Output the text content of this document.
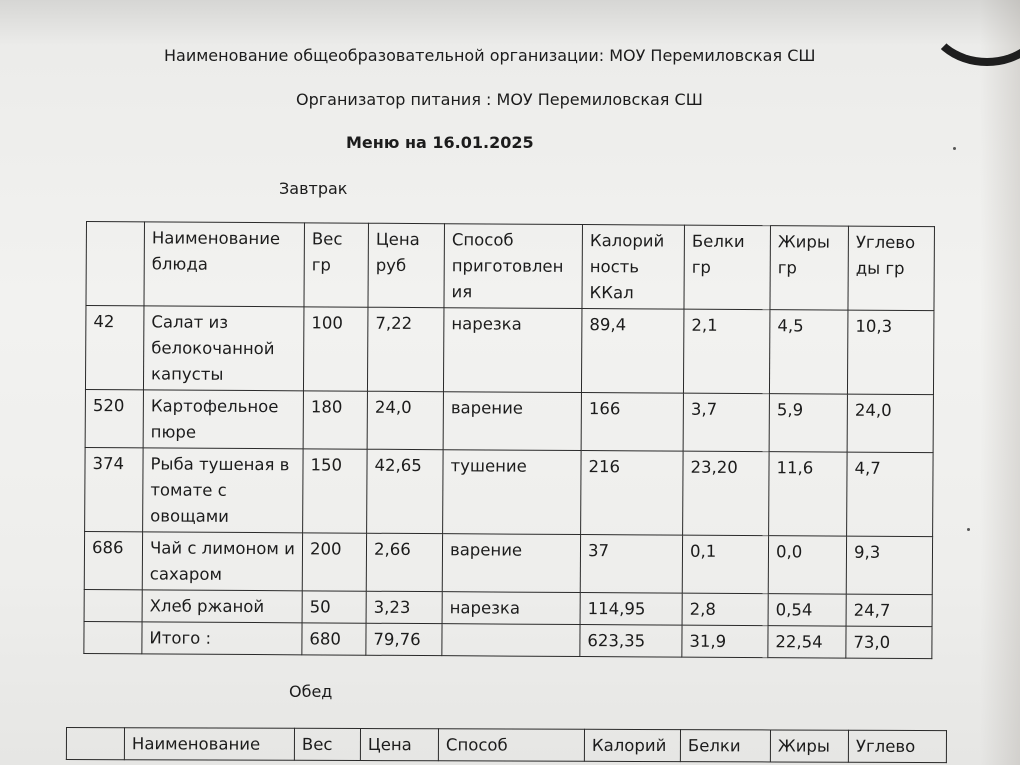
Наименование общеобразовательной организации: МОУ Перемиловская СШ
Организатор питания : МОУ Перемиловская СШ
Меню на 16.01.2025
Завтрак
	Наименование блюда	Вес гр	Цена руб	Способ приготовлен ия	Калорий ность ККал	Белки гр	Жиры гр	Углево ды гр
42	Салат из белокочанной капусты	100	7,22	нарезка	89,4	2,1	4,5	10,3
520	Картофельное пюре	180	24,0	варение	166	3,7	5,9	24,0
374	Рыба тушеная в томате с овощами	150	42,65	тушение	216	23,20	11,6	4,7
686	Чай с лимоном и сахаром	200	2,66	варение	37	0,1	0,0	9,3
	Хлеб ржаной	50	3,23	нарезка	114,95	2,8	0,54	24,7
	Итого :	680	79,76		623,35	31,9	22,54	73,0
Обед
	Наименование	Вес	Цена	Способ	Калорий	Белки	Жиры	Углево
